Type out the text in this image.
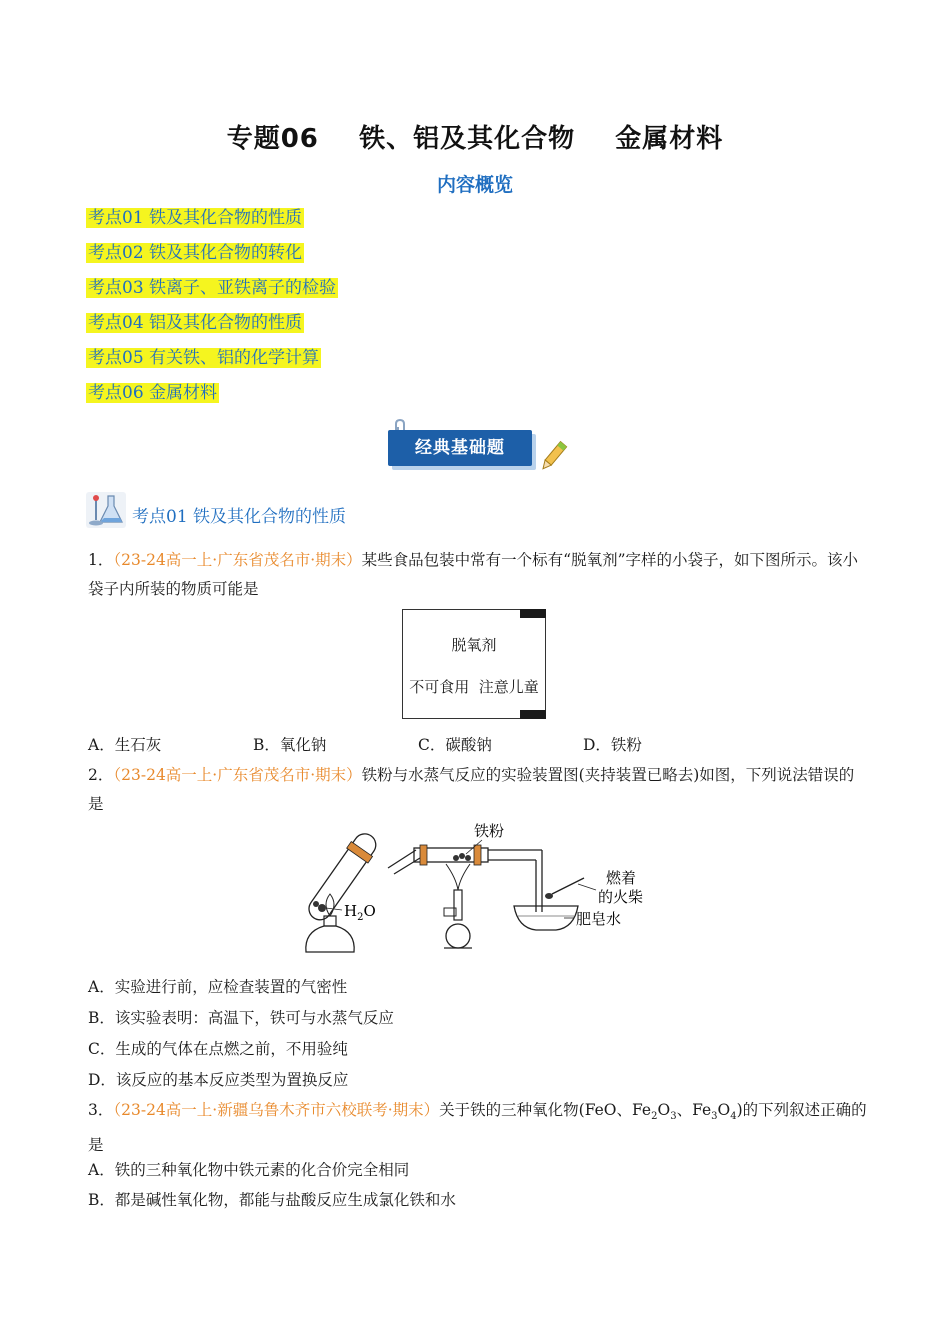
专题06    铁、铝及其化合物    金属材料
内容概览
考点01 铁及其化合物的性质
考点02 铁及其化合物的转化
考点03 铁离子、亚铁离子的检验
考点04 铝及其化合物的性质
考点05 有关铁、铝的化学计算
考点06 金属材料
经典基础题
考点01 铁及其化合物的性质
1．（23-24高一上·广东省茂名市·期末）某些食品包装中常有一个标有“脱氧剂”字样的小袋子，如下图所示。该小袋子内所装的物质可能是
脱氧剂
不可食用  注意儿童
A．生石灰	B．氧化钠	C．碳酸钠	D．铁粉
2．（23-24高一上·广东省茂名市·期末）铁粉与水蒸气反应的实验装置图(夹持装置已略去)如图，下列说法错误的是
铁粉
$H_2O$
燃着
的火柴
肥皂水
A．实验进行前，应检查装置的气密性
B．该实验表明：高温下，铁可与水蒸气反应
C．生成的气体在点燃之前，不用验纯
D．该反应的基本反应类型为置换反应
3．（23-24高一上·新疆乌鲁木齐市六校联考·期末）关于铁的三种氧化物(FeO、$Fe_2O_3$、$Fe_3O_4$)的下列叙述正确的是
A．铁的三种氧化物中铁元素的化合价完全相同
B．都是碱性氧化物，都能与盐酸反应生成氯化铁和水
